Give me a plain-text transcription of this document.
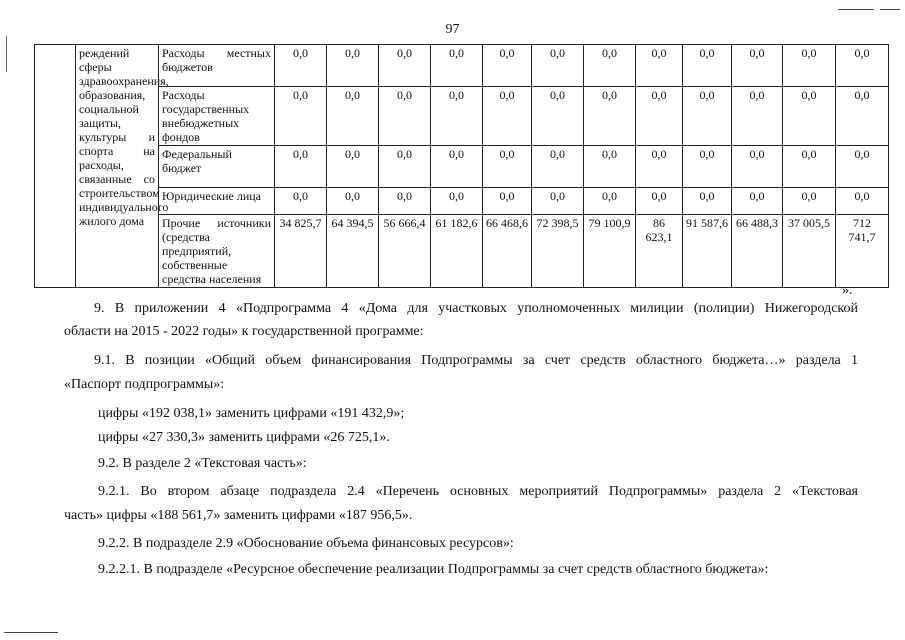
97
	реждений сферы здравоохранения, образования, социальной защиты, культуры и спорта на расходы, связанные со строительством индивидуального жилого дома	Расходы местных бюджетов	0,0	0,0	0,0	0,0	0,0	0,0	0,0	0,0	0,0	0,0	0,0	0,0
		Расходы государственных внебюджетных фондов	0,0	0,0	0,0	0,0	0,0	0,0	0,0	0,0	0,0	0,0	0,0	0,0
		Федеральный бюджет	0,0	0,0	0,0	0,0	0,0	0,0	0,0	0,0	0,0	0,0	0,0	0,0
		Юридические лица	0,0	0,0	0,0	0,0	0,0	0,0	0,0	0,0	0,0	0,0	0,0	0,0
		Прочие источники (средства предприятий, собственные средства населения	34 825,7	64 394,5	56 666,4	61 182,6	66 468,6	72 398,5	79 100,9	86 623,1	91 587,6	66 488,3	37 005,5	712 741,7
».
9. В приложении 4 «Подпрограмма 4 «Дома для участковых уполномоченных милиции (полиции) Нижегородской
области на 2015 - 2022 годы» к государственной программе:
9.1. В позиции «Общий объем финансирования Подпрограммы за счет средств областного бюджета…» раздела 1
«Паспорт подпрограммы»:
цифры «192 038,1» заменить цифрами «191 432,9»;
цифры «27 330,3» заменить цифрами «26 725,1».
9.2. В разделе 2 «Текстовая часть»:
9.2.1. Во втором абзаце подраздела 2.4 «Перечень основных мероприятий Подпрограммы» раздела 2 «Текстовая
часть» цифры «188 561,7» заменить цифрами «187 956,5».
9.2.2. В подразделе 2.9 «Обоснование объема финансовых ресурсов»:
9.2.2.1. В подразделе «Ресурсное обеспечение реализации Подпрограммы за счет средств областного бюджета»:
